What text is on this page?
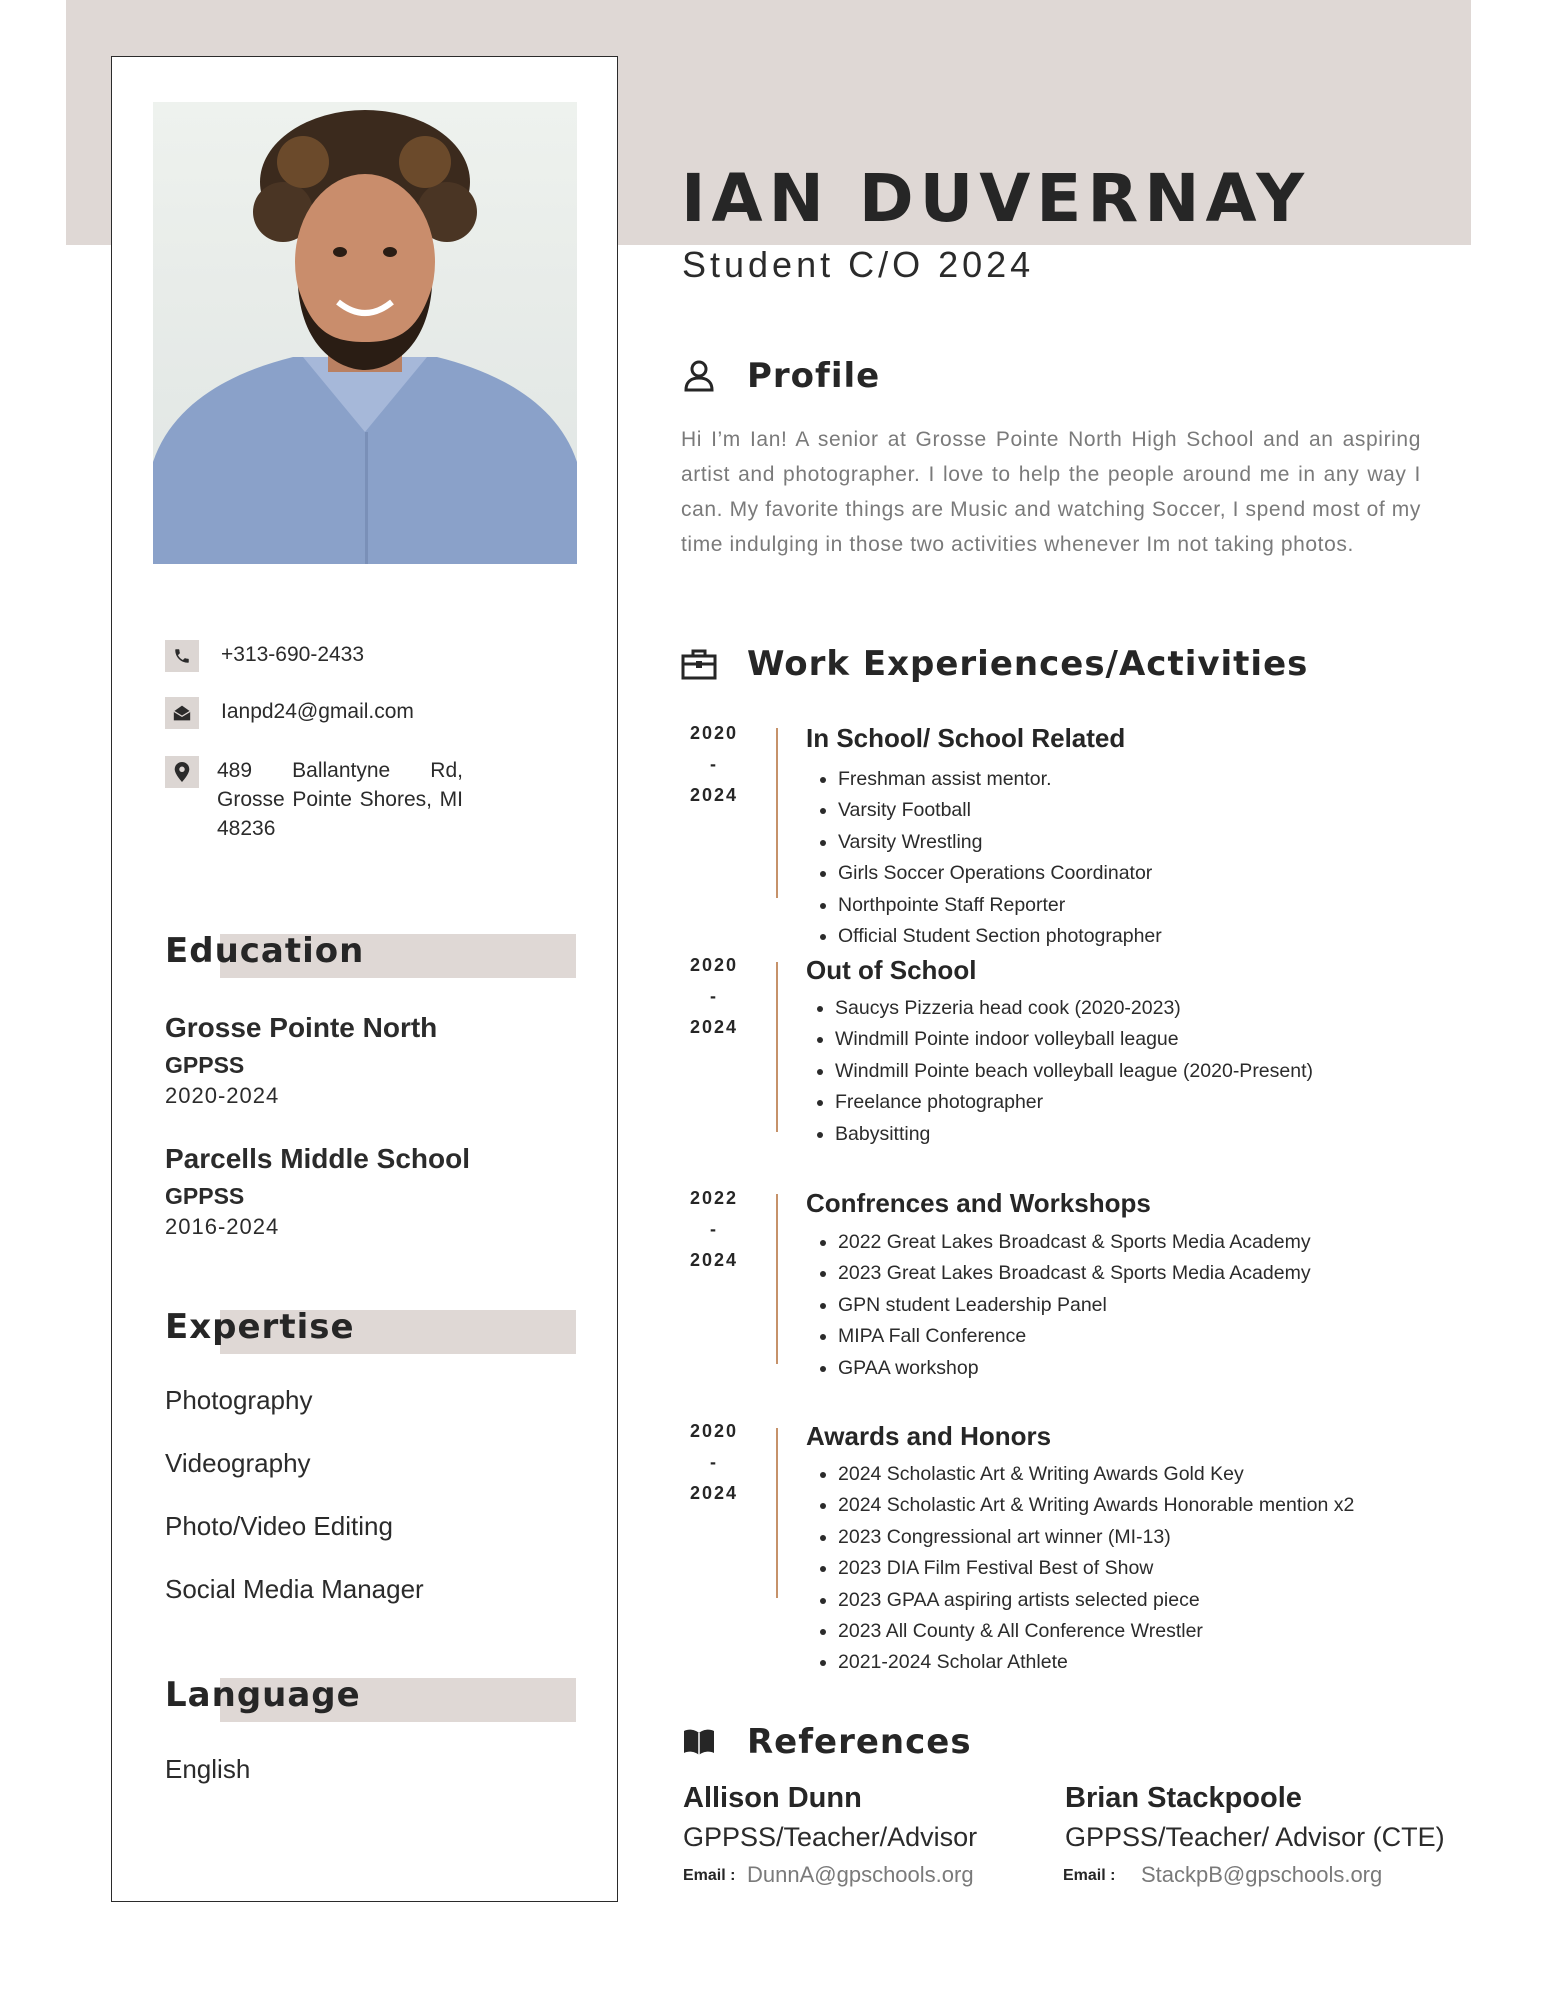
IAN DUVERNAY
Student C/O 2024
+313-690-2433
Ianpd24@gmail.com
489 Ballantyne Rd, Grosse Pointe Shores, MI 48236
Education
Grosse Pointe North
GPPSS
2020-2024
Parcells Middle School
GPPSS
2016-2024
Expertise
Photography
Videography
Photo/Video Editing
Social Media Manager
Language
English
Profile
Hi I’m Ian! A senior at Grosse Pointe North High School and an aspiring artist and photographer. I love to help the people around me in any way I can. My favorite things are Music and watching Soccer, I spend most of my time indulging in those two activities whenever Im not taking photos.
Work Experiences/Activities
2020
-
2024
In School/ School Related
• Freshman assist mentor.
• Varsity Football
• Varsity Wrestling
• Girls Soccer Operations Coordinator
• Northpointe Staff Reporter
• Official Student Section photographer
2020
-
2024
Out of School
• Saucys Pizzeria head cook (2020-2023)
• Windmill Pointe indoor volleyball league
• Windmill Pointe beach volleyball league (2020-Present)
• Freelance photographer
• Babysitting
2022
-
2024
Confrences and Workshops
• 2022 Great Lakes Broadcast & Sports Media Academy
• 2023 Great Lakes Broadcast & Sports Media Academy
• GPN student Leadership Panel
• MIPA Fall Conference
• GPAA workshop
2020
-
2024
Awards and Honors
• 2024 Scholastic Art & Writing Awards Gold Key
• 2024 Scholastic Art & Writing Awards Honorable mention x2
• 2023 Congressional art winner (MI-13)
• 2023 DIA Film Festival Best of Show
• 2023 GPAA aspiring artists selected piece
• 2023 All County & All Conference Wrestler
• 2021-2024 Scholar Athlete
References
Allison Dunn
GPPSS/Teacher/Advisor
Email : DunnA@gpschools.org
Brian Stackpoole
GPPSS/Teacher/ Advisor (CTE)
Email : StackpB@gpschools.org
